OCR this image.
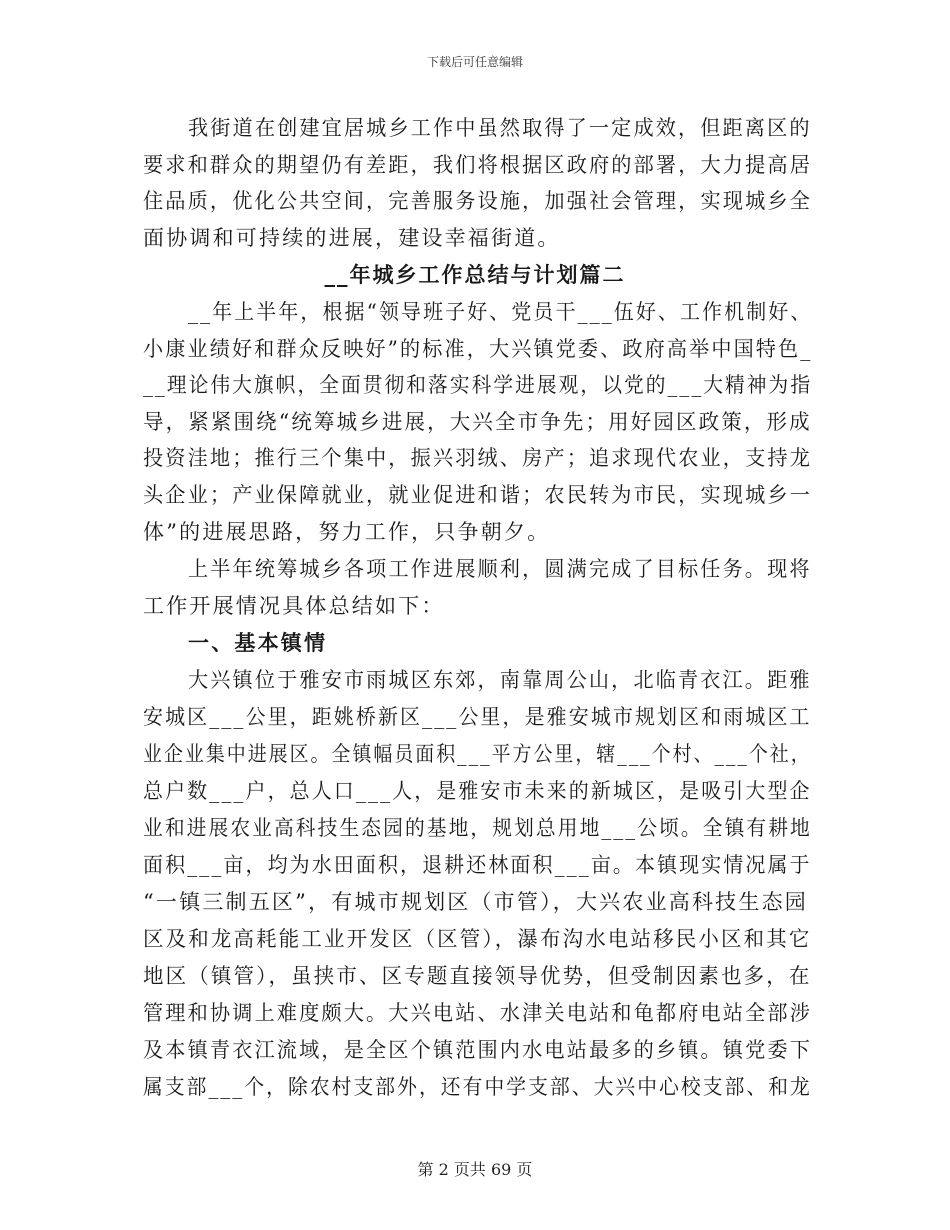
下载后可任意编辑
我街道在创建宜居城乡工作中虽然取得了一定成效，但距离区的
要求和群众的期望仍有差距，我们将根据区政府的部署，大力提高居
住品质，优化公共空间，完善服务设施，加强社会管理，实现城乡全
面协调和可持续的进展，建设幸福街道。
__年城乡工作总结与计划篇二
__年上半年，根据“领导班子好、党员干___伍好、工作机制好、
小康业绩好和群众反映好”的标准，大兴镇党委、政府高举中国特色_
__理论伟大旗帜，全面贯彻和落实科学进展观，以党的___大精神为指
导，紧紧围绕“统筹城乡进展，大兴全市争先；用好园区政策，形成
投资洼地；推行三个集中，振兴羽绒、房产；追求现代农业，支持龙
头企业；产业保障就业，就业促进和谐；农民转为市民，实现城乡一
体”的进展思路，努力工作，只争朝夕。
上半年统筹城乡各项工作进展顺利，圆满完成了目标任务。现将
工作开展情况具体总结如下：
一、基本镇情
大兴镇位于雅安市雨城区东郊，南靠周公山，北临青衣江。距雅
安城区___公里，距姚桥新区___公里，是雅安城市规划区和雨城区工
业企业集中进展区。全镇幅员面积___平方公里，辖___个村、___个社，
总户数___户，总人口___人，是雅安市未来的新城区，是吸引大型企
业和进展农业高科技生态园的基地，规划总用地___公顷。全镇有耕地
面积___亩，均为水田面积，退耕还林面积___亩。本镇现实情况属于
“一镇三制五区”，有城市规划区（市管），大兴农业高科技生态园
区及和龙高耗能工业开发区（区管），瀑布沟水电站移民小区和其它
地区（镇管），虽挟市、区专题直接领导优势，但受制因素也多，在
管理和协调上难度颇大。大兴电站、水津关电站和龟都府电站全部涉
及本镇青衣江流域，是全区个镇范围内水电站最多的乡镇。镇党委下
属支部___个，除农村支部外，还有中学支部、大兴中心校支部、和龙
第 2 页共 69 页
